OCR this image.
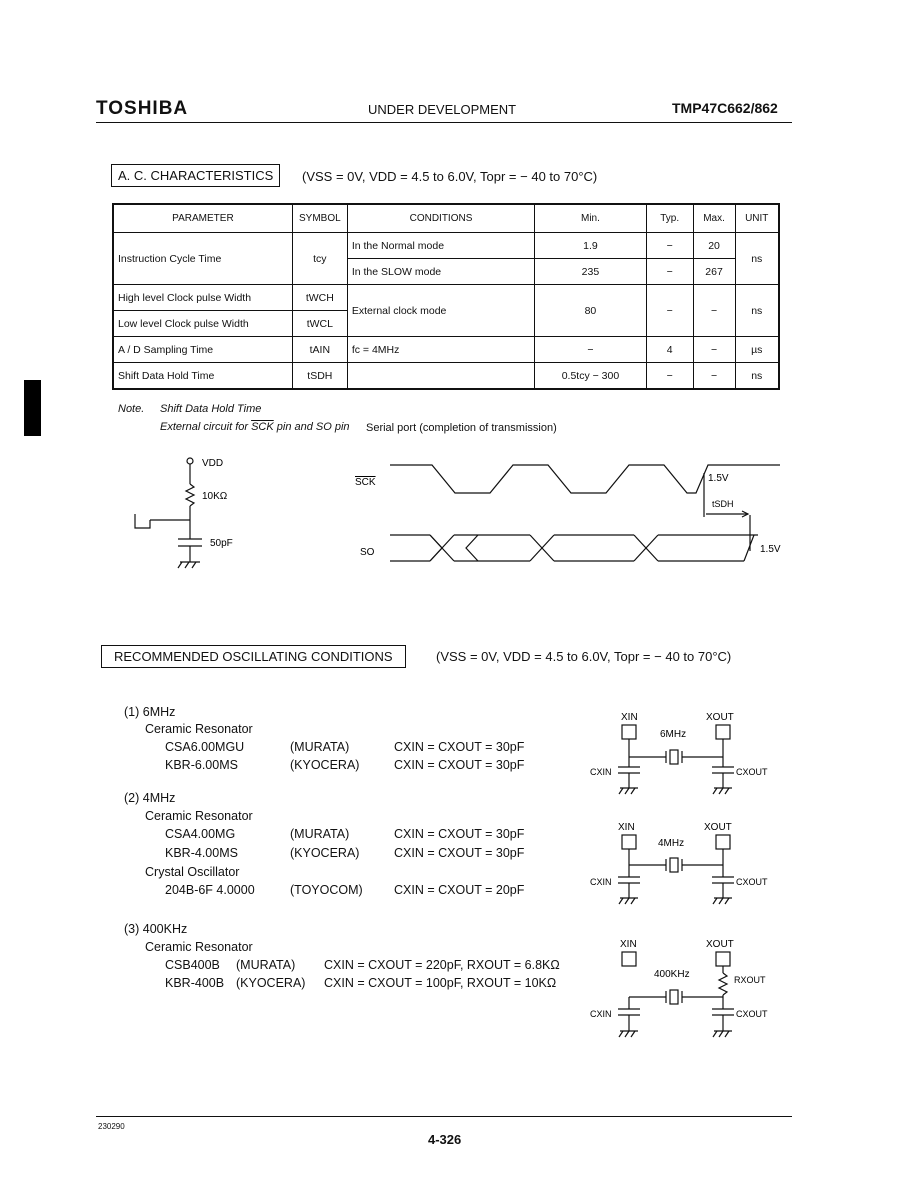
TOSHIBA	UNDER DEVELOPMENT	TMP47C662/862
A. C. CHARACTERISTICS	(VSS = 0V, VDD = 4.5 to 6.0V, Topr = − 40 to 70°C)
PARAMETER	SYMBOL	CONDITIONS	Min.	Typ.	Max.	UNIT
Instruction Cycle Time	tcy	In the Normal mode	1.9	−	20	ns
		In the SLOW mode	235	−	267	
High level Clock pulse Width	tWCH	External clock mode	80	−	−	ns
Low level Clock pulse Width	tWCL					
A / D Sampling Time	tAIN	fc = 4MHz	−	4	−	µs
Shift Data Hold Time	tSDH		0.5tcy − 300	−	−	ns
Note. Shift Data Hold Time
External circuit for $\overline{SCK}$ pin and SO pin Serial port (completion of transmission)
VDD
10KΩ
50pF
SCK
SO
1.5V
tSDH
1.5V
RECOMMENDED OSCILLATING CONDITIONS	(VSS = 0V, VDD = 4.5 to 6.0V, Topr = − 40 to 70°C)
(1) 6MHz
Ceramic Resonator
CSA6.00MGU	(MURATA)	CXIN = CXOUT = 30pF
KBR-6.00MS	(KYOCERA)	CXIN = CXOUT = 30pF
(2) 4MHz
Ceramic Resonator
CSA4.00MG	(MURATA)	CXIN = CXOUT = 30pF
KBR-4.00MS	(KYOCERA)	CXIN = CXOUT = 30pF
Crystal Oscillator
204B-6F 4.0000	(TOYOCOM)	CXIN = CXOUT = 20pF
(3) 400KHz
Ceramic Resonator
CSB400B (MURATA) CXIN = CXOUT = 220pF, RXOUT = 6.8KΩ
KBR-400B (KYOCERA) CXIN = CXOUT = 100pF, RXOUT = 10KΩ
XIN	XOUT
6MHz
CXIN	CXOUT
XIN	XOUT
4MHz
CXIN	CXOUT
XIN	XOUT
400KHz	RXOUT
CXIN	CXOUT
230290
4-326
